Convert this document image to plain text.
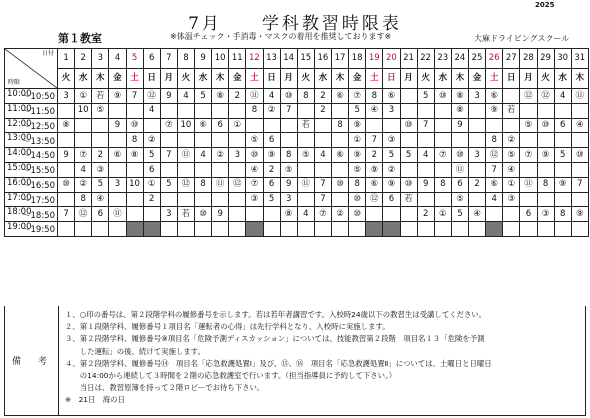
2025
7月　　学科教習時限表
第１教室	※体温チェック・手消毒・マスクの着用を推奨しております※	大麻ドライビングスクール
日付
時限	1	2	3	4	5	6	7	8	9	10	11	12	13	14	15	16	17	18	19	20	21	22	23	24	25	26	27	28	29	30	31
	火	水	木	金	土	日	月	火	水	木	金	土	日	月	火	水	木	金	土	日	月	火	水	木	金	土	日	月	火	水	木

10:00
〜10:50	3	①	若	⑨	7	⑫	9	4	5	⑧	2	⑪	4	⑩	8	2	⑥	⑦	8	⑥		5	⑩	⑧	3	⑥		⑫	⑫	4	⑪

11:00
〜11:50		10	⑤			4						8	②	7		2		5	④	3				⑧		⑨	若				

12:00
〜12:50	⑧			9	⑩		⑦	10	⑥	6	①				若		8	⑨			⑩	7		9				⑤	⑩	6	④

13:00
〜13:50					8	②						⑤	6					①	7	③						8	②				

14:00
〜14:50	9	⑦	2	⑥	⑧	5	7	⑪	4	②	3	⑩	⑨	8	⑤	4	⑥	⑨	2	5	5	4	⑦	⑩	3	⑫	⑤	⑦	⑨	5	⑩

15:00
〜15:50		4	③			6						④	2	⑤				⑤	⑨	②				⑪		7	④				

16:00
〜16:50	⑩	②	5	3	10	①	5	⑫	8	⑪	⑫	⑦	6	9	⑪	7	⑩	8	⑥	⑨	⑩	9	8	6	2	⑥	①	⑪	8	⑨	7

17:00
〜17:50		8	④			2						③	5	3		7		⑩	⑫	6	若			⑤		4	③				

18:00
〜18:50	7	⑫	6	⑪			3	若	⑩	9				⑧	4	⑦	②	⑩				2	①	5	④			6	③	8	⑨

19:00
〜19:50																															

備　考
１、○印の番号は、第２段階学科の履修番号を示します。若は若年者講習です。入校時24歳以下の教習生は受講してください。
２、第１段階学科、履修番号１項目名「運転者の心得」は先行学科となり、入校時に実施します。
３、第２段階学科、履修番号⑨項目名「危険予測ディスカッション」については、技能教習第２段階　項目名１３「危険を予測
　　した運転」の後、続けて実施します。
４、第２段階学科、履修番号⑭　項目名「応急救護処置Ⅰ」及び、⑮、⑯　項目名「応急救護処置Ⅱ」については、土曜日と日曜日
　　の14:00から連続して３時間を２階の応急救護室で行います。（担当指導員に予約して下さい。）
　　当日は、教習原簿を持って２階ロビーでお待ち下さい。
※　21日　海の日
